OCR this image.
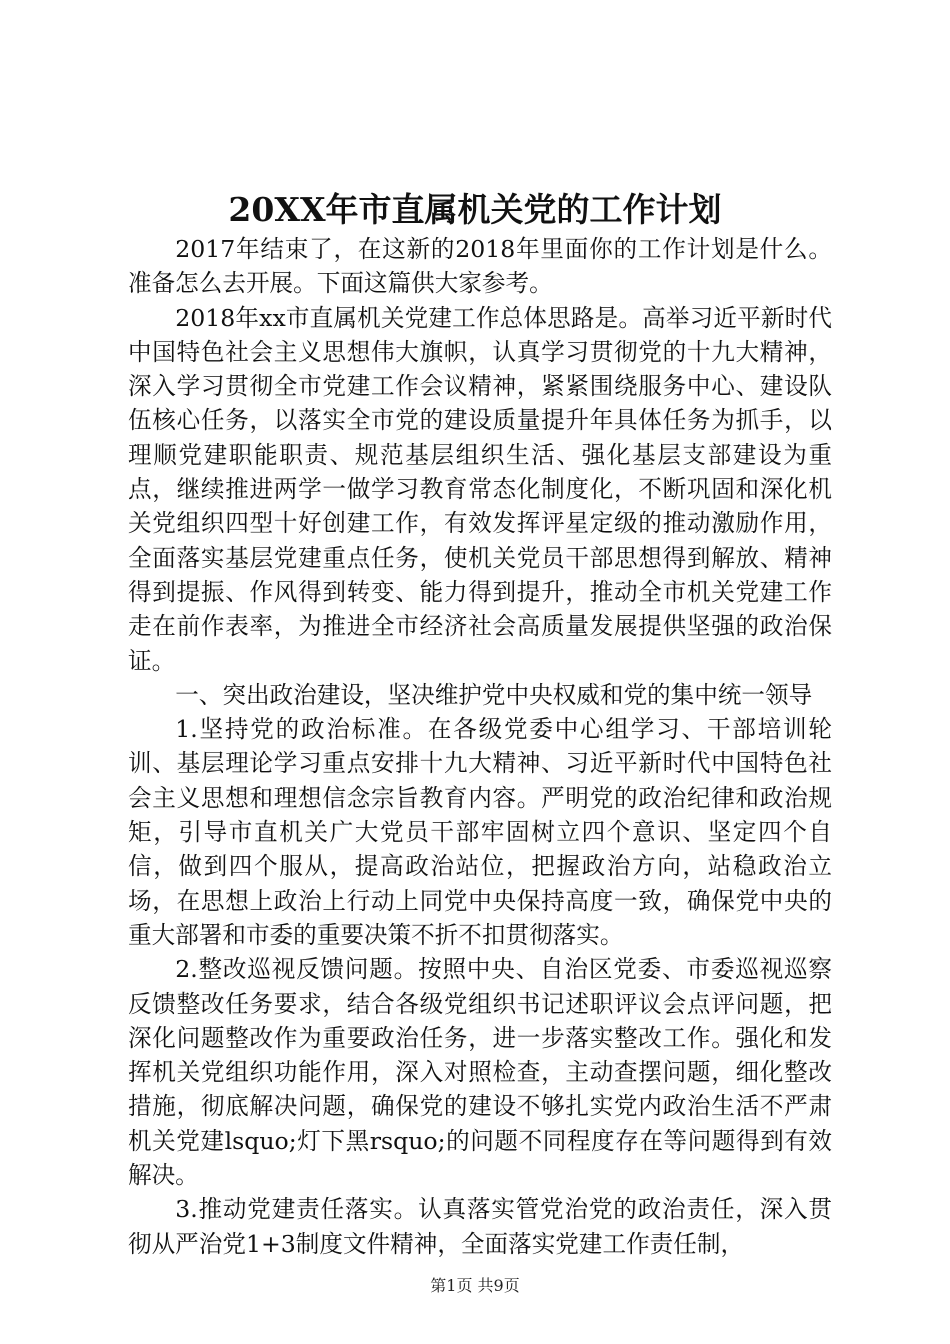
20XX年市直属机关党的工作计划

2017年结束了，在这新的2018年里面你的工作计划是什么。准备怎么去开展。下面这篇供大家参考。

2018年xx市直属机关党建工作总体思路是。高举习近平新时代中国特色社会主义思想伟大旗帜，认真学习贯彻党的十九大精神，深入学习贯彻全市党建工作会议精神，紧紧围绕服务中心、建设队伍核心任务，以落实全市党的建设质量提升年具体任务为抓手，以理顺党建职能职责、规范基层组织生活、强化基层支部建设为重点，继续推进两学一做学习教育常态化制度化，不断巩固和深化机关党组织四型十好创建工作，有效发挥评星定级的推动激励作用，全面落实基层党建重点任务，使机关党员干部思想得到解放、精神得到提振、作风得到转变、能力得到提升，推动全市机关党建工作走在前作表率，为推进全市经济社会高质量发展提供坚强的政治保证。

一、突出政治建设，坚决维护党中央权威和党的集中统一领导

1.坚持党的政治标准。在各级党委中心组学习、干部培训轮训、基层理论学习重点安排十九大精神、习近平新时代中国特色社会主义思想和理想信念宗旨教育内容。严明党的政治纪律和政治规矩，引导市直机关广大党员干部牢固树立四个意识、坚定四个自信，做到四个服从，提高政治站位，把握政治方向，站稳政治立场，在思想上政治上行动上同党中央保持高度一致，确保党中央的重大部署和市委的重要决策不折不扣贯彻落实。

2.整改巡视反馈问题。按照中央、自治区党委、市委巡视巡察反馈整改任务要求，结合各级党组织书记述职评议会点评问题，把深化问题整改作为重要政治任务，进一步落实整改工作。强化和发挥机关党组织功能作用，深入对照检查，主动查摆问题，细化整改措施，彻底解决问题，确保党的建设不够扎实党内政治生活不严肃机关党建lsquo;灯下黑rsquo;的问题不同程度存在等问题得到有效解决。

3.推动党建责任落实。认真落实管党治党的政治责任，深入贯彻从严治党1+3制度文件精神，全面落实党建工作责任制，

第1页 共9页
